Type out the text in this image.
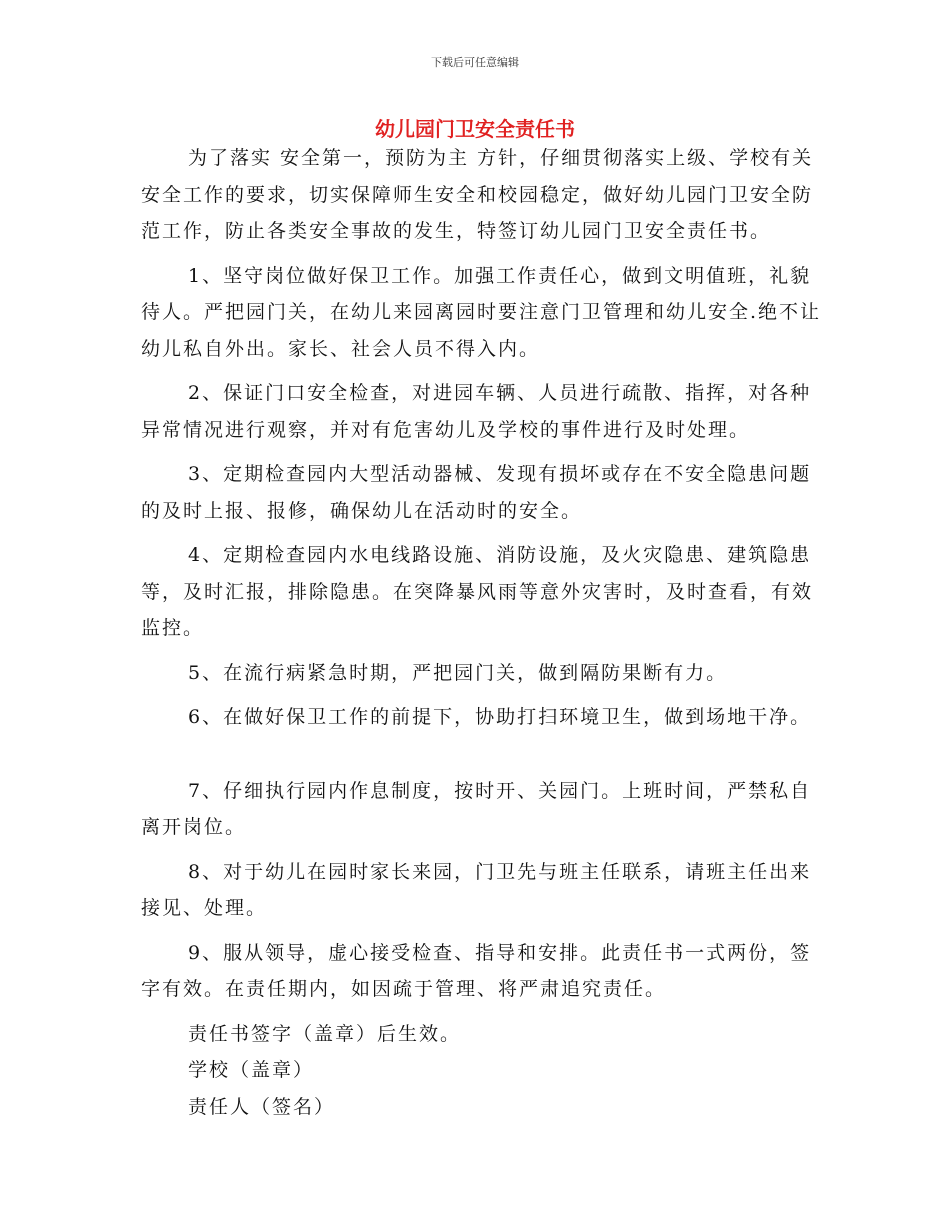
下载后可任意编辑
幼儿园门卫安全责任书

为了落实 安全第一，预防为主 方针，仔细贯彻落实上级、学校有关安全工作的要求，切实保障师生安全和校园稳定，做好幼儿园门卫安全防范工作，防止各类安全事故的发生，特签订幼儿园门卫安全责任书。

1、坚守岗位做好保卫工作。加强工作责任心，做到文明值班，礼貌待人。严把园门关，在幼儿来园离园时要注意门卫管理和幼儿安全.绝不让幼儿私自外出。家长、社会人员不得入内。

2、保证门口安全检查，对进园车辆、人员进行疏散、指挥，对各种异常情况进行观察，并对有危害幼儿及学校的事件进行及时处理。

3、定期检查园内大型活动器械、发现有损坏或存在不安全隐患问题的及时上报、报修，确保幼儿在活动时的安全。

4、定期检查园内水电线路设施、消防设施，及火灾隐患、建筑隐患等，及时汇报，排除隐患。在突降暴风雨等意外灾害时，及时查看，有效监控。

5、在流行病紧急时期，严把园门关，做到隔防果断有力。

6、在做好保卫工作的前提下，协助打扫环境卫生，做到场地干净。

7、仔细执行园内作息制度，按时开、关园门。上班时间，严禁私自离开岗位。

8、对于幼儿在园时家长来园，门卫先与班主任联系，请班主任出来接见、处理。

9、服从领导，虚心接受检查、指导和安排。此责任书一式两份，签字有效。在责任期内，如因疏于管理、将严肃追究责任。

责任书签字（盖章）后生效。

学校（盖章）

责任人（签名）
